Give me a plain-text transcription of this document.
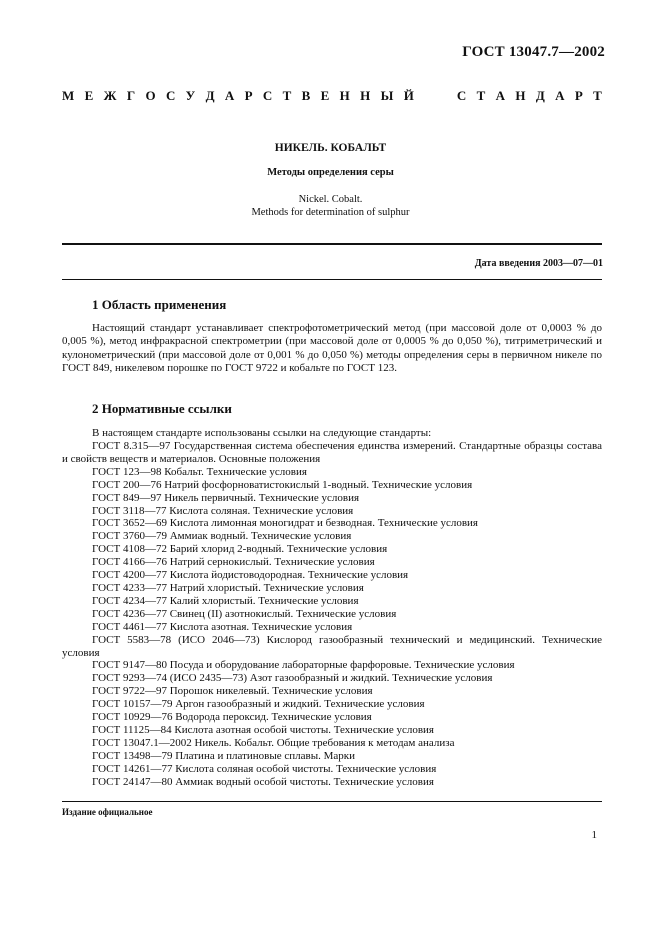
ГОСТ 13047.7—2002
М Е Ж Г О С У Д А Р С Т В Е Н Н Ы Й	С Т А Н Д А Р Т
НИКЕЛЬ. КОБАЛЬТ
Методы определения серы
Nickel. Cobalt.
Methods for determination of sulphur
Дата введения 2003—07—01
1 Область применения

Настоящий стандарт устанавливает спектрофотометрический метод (при массовой доле от 0,0003 % до 0,005 %), метод инфракрасной спектрометрии (при массовой доле от 0,0005 % до 0,050 %), титриметрический и кулонометрический (при массовой доле от 0,001 % до 0,050 %) методы определения серы в первичном никеле по ГОСТ 849, никелевом порошке по ГОСТ 9722 и кобальте по ГОСТ 123.

2 Нормативные ссылки
В настоящем стандарте использованы ссылки на следующие стандарты:
ГОСТ 8.315—97 Государственная система обеспечения единства измерений. Стандартные образцы состава и свойств веществ и материалов. Основные положения
ГОСТ 123—98 Кобальт. Технические условия
ГОСТ 200—76 Натрий фосфорноватистокислый 1-водный. Технические условия
ГОСТ 849—97 Никель первичный. Технические условия
ГОСТ 3118—77 Кислота соляная. Технические условия
ГОСТ 3652—69 Кислота лимонная моногидрат и безводная. Технические условия
ГОСТ 3760—79 Аммиак водный. Технические условия
ГОСТ 4108—72 Барий хлорид 2-водный. Технические условия
ГОСТ 4166—76 Натрий сернокислый. Технические условия
ГОСТ 4200—77 Кислота йодистоводородная. Технические условия
ГОСТ 4233—77 Натрий хлористый. Технические условия
ГОСТ 4234—77 Калий хлористый. Технические условия
ГОСТ 4236—77 Свинец (II) азотнокислый. Технические условия
ГОСТ 4461—77 Кислота азотная. Технические условия
ГОСТ 5583—78 (ИСО 2046—73) Кислород газообразный технический и медицинский. Технические условия
ГОСТ 9147—80 Посуда и оборудование лабораторные фарфоровые. Технические условия
ГОСТ 9293—74 (ИСО 2435—73) Азот газообразный и жидкий. Технические условия
ГОСТ 9722—97 Порошок никелевый. Технические условия
ГОСТ 10157—79 Аргон газообразный и жидкий. Технические условия
ГОСТ 10929—76 Водорода пероксид. Технические условия
ГОСТ 11125—84 Кислота азотная особой чистоты. Технические условия
ГОСТ 13047.1—2002 Никель. Кобальт. Общие требования к методам анализа
ГОСТ 13498—79 Платина и платиновые сплавы. Марки
ГОСТ 14261—77 Кислота соляная особой чистоты. Технические условия
ГОСТ 24147—80 Аммиак водный особой чистоты. Технические условия
Издание официальное
1
